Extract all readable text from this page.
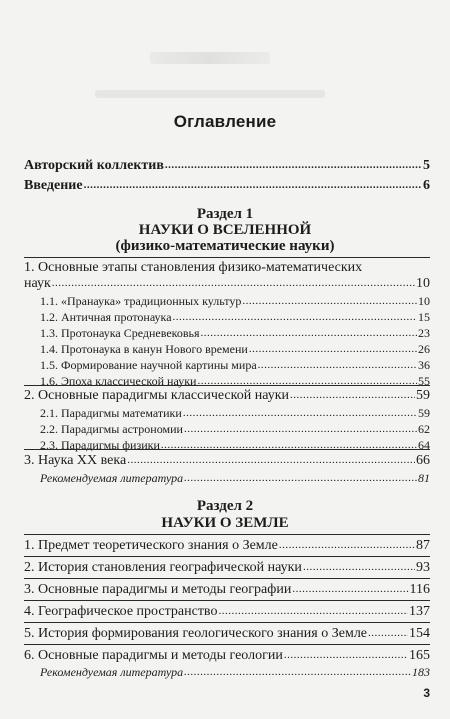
Оглавление
Авторский коллектив .....	5
Введение .....	6
Раздел 1
НАУКИ О ВСЕЛЕННОЙ
(физико-математические науки)
1. Основные этапы становления физико-математических
наук .....	10
1.1. «Пранаука» традиционных культур .....	10
1.2. Античная протонаука .....	15
1.3. Протонаука Средневековья .....	23
1.4. Протонаука в канун Нового времени .....	26
1.5. Формирование научной картины мира .....	36
1.6. Эпоха классической науки .....	55
2. Основные парадигмы классической науки .....	59
2.1. Парадигмы математики .....	59
2.2. Парадигмы астрономии .....	62
2.3. Парадигмы физики .....	64
3. Наука XX века .....	66
Рекомендуемая литература .....	81
Раздел 2
НАУКИ О ЗЕМЛЕ
1. Предмет теоретического знания о Земле .....	87
2. История становления географической науки .....	93
3. Основные парадигмы и методы географии .....	116
4. Географическое пространство .....	137
5. История формирования геологического знания о Земле .....	154
6. Основные парадигмы и методы геологии .....	165
Рекомендуемая литература .....	183
3
